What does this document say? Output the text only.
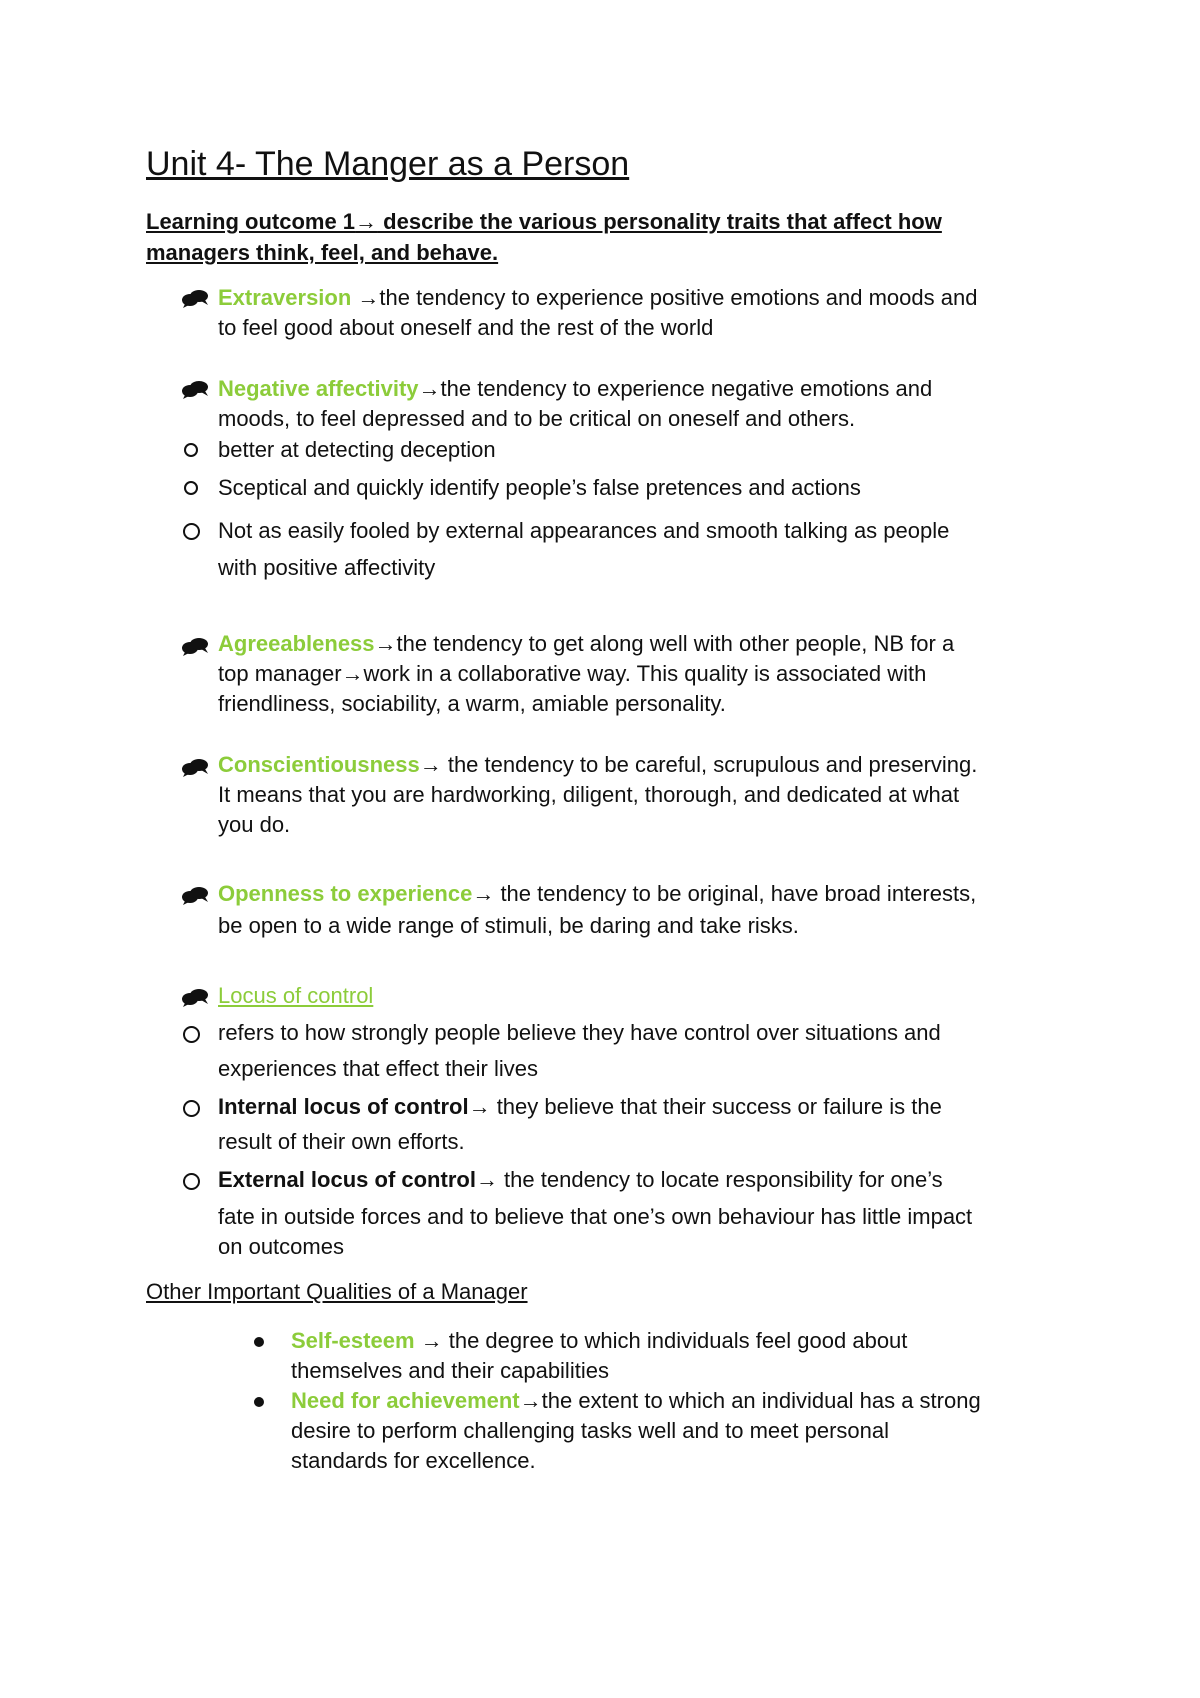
Unit 4- The Manger as a Person
Learning outcome 1→ describe the various personality traits that affect how
managers think, feel, and behave.
Extraversion →the tendency to experience positive emotions and moods and
to feel good about oneself and the rest of the world
Negative affectivity→the tendency to experience negative emotions and
moods, to feel depressed and to be critical on oneself and others.
better at detecting deception
Sceptical and quickly identify people’s false pretences and actions
Not as easily fooled by external appearances and smooth talking as people
with positive affectivity
Agreeableness→the tendency to get along well with other people, NB for a
top manager→work in a collaborative way. This quality is associated with
friendliness, sociability, a warm, amiable personality.
Conscientiousness→ the tendency to be careful, scrupulous and preserving.
It means that you are hardworking, diligent, thorough, and dedicated at what
you do.
Openness to experience→ the tendency to be original, have broad interests,
be open to a wide range of stimuli, be daring and take risks.
Locus of control
refers to how strongly people believe they have control over situations and
experiences that effect their lives
Internal locus of control→ they believe that their success or failure is the
result of their own efforts.
External locus of control→ the tendency to locate responsibility for one’s
fate in outside forces and to believe that one’s own behaviour has little impact
on outcomes
Other Important Qualities of a Manager
Self-esteem → the degree to which individuals feel good about
themselves and their capabilities
Need for achievement→the extent to which an individual has a strong
desire to perform challenging tasks well and to meet personal
standards for excellence.
